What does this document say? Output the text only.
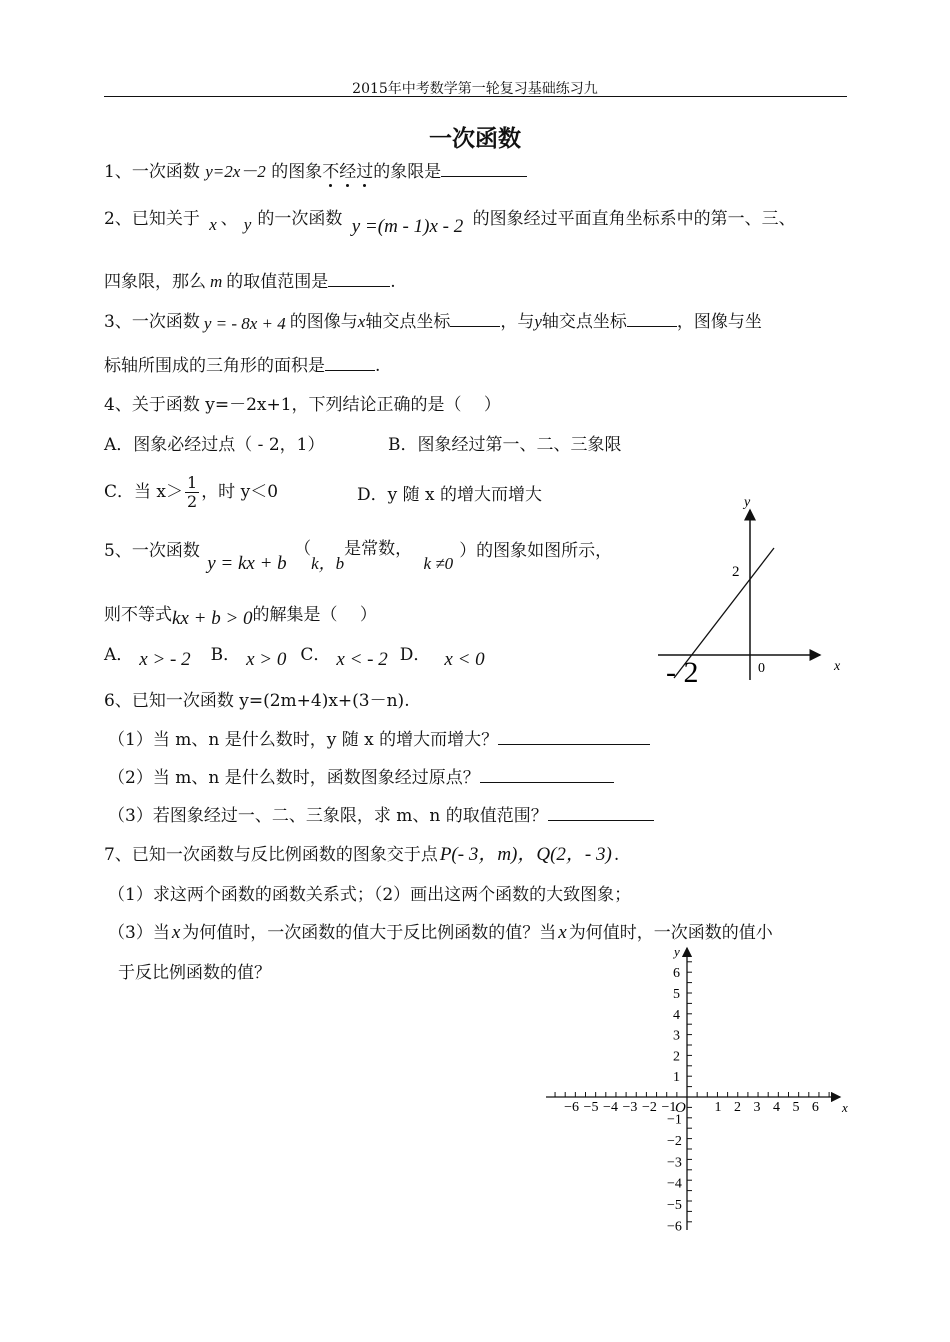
2015年中考数学第一轮复习基础练习九
一次函数
1、一次函数 y=2x－2 的图象不经过
的象限是
2、已知关于 x 、 y 的一次函数 y =(m - 1)x - 2 的图象经过平面直角坐标系中的第一、三、
四象限，那么 m 的取值范围是	.
3、一次函数 y = - 8x + 4 的图像与x轴交点坐标	，与y轴交点坐标	，图像与坐
标轴所围成的三角形的面积是	.
4、关于函数 y=－2x+1，下列结论正确的是（　 ）
A．图象必经过点（ - 2，1）	B．图象经过第一、二、三象限
C．当 $x> \frac{1}{2}$ ，时 y＜0	D．y 随 x 的增大而增大
5、一次函数 y = kx + b （k，b是常数， k ≠0）的图象如图所示，
则不等式kx + b > 0的解集是（　 ）
A． x > - 2 B． x > 0 C． x < - 2 D． x < 0
y
x
2
0
- 2
6、已知一次函数 y=(2m+4)x+(3－n).
（1）当 m、n 是什么数时，y 随 x 的增大而增大？
（2）当 m、n 是什么数时，函数图象经过原点？
（3）若图象经过一、二、三象限，求 m、n 的取值范围？
7、已知一次函数与反比例函数的图象交于点 P(- 3，m)，Q(2，- 3) .
（1）求这两个函数的函数关系式；（2）画出这两个函数的大致图象；
（3）当 x 为何值时，一次函数的值大于反比例函数的值？当 x 为何值时，一次函数的值小
于反比例函数的值？
1 2 3 4 5 6
−6 −5 −4 −3 −2 −1
1
2
3
4
5
6
−1
−2
−3
−4
−5
−6
x
y
O
